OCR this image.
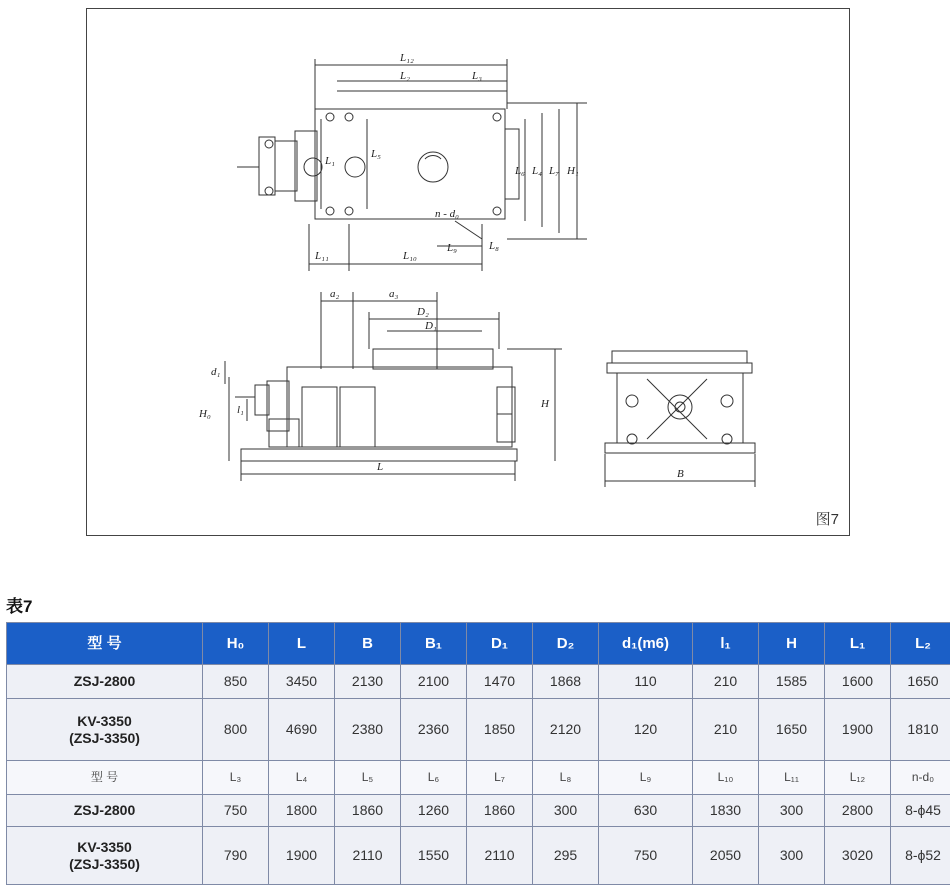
L₁₂
L₂	L₃
L₆ L₄ L₇ H₁
L₁
L₅
n - d₀
L₉	L₈
L₁₁	L₁₀
a₂	a₃
D₂
D₁
H
H₀
d₁
l₁
L
B
图7
表7
型 号	H₀	L	B	B₁	D₁	D₂	d₁(m6)	l₁	H	L₁	L₂
ZSJ-2800	850	3450	2130	2100	1470	1868	110	210	1585	1600	1650
KV-3350
(ZSJ-3350)	800	4690	2380	2360	1850	2120	120	210	1650	1900	1810
型 号	L₃	L₄	L₅	L₆	L₇	L₈	L₉	L₁₀	L₁₁	L₁₂	n-d₀
ZSJ-2800	750	1800	1860	1260	1860	300	630	1830	300	2800	8-ϕ45
KV-3350
(ZSJ-3350)	790	1900	2110	1550	2110	295	750	2050	300	3020	8-ϕ52
